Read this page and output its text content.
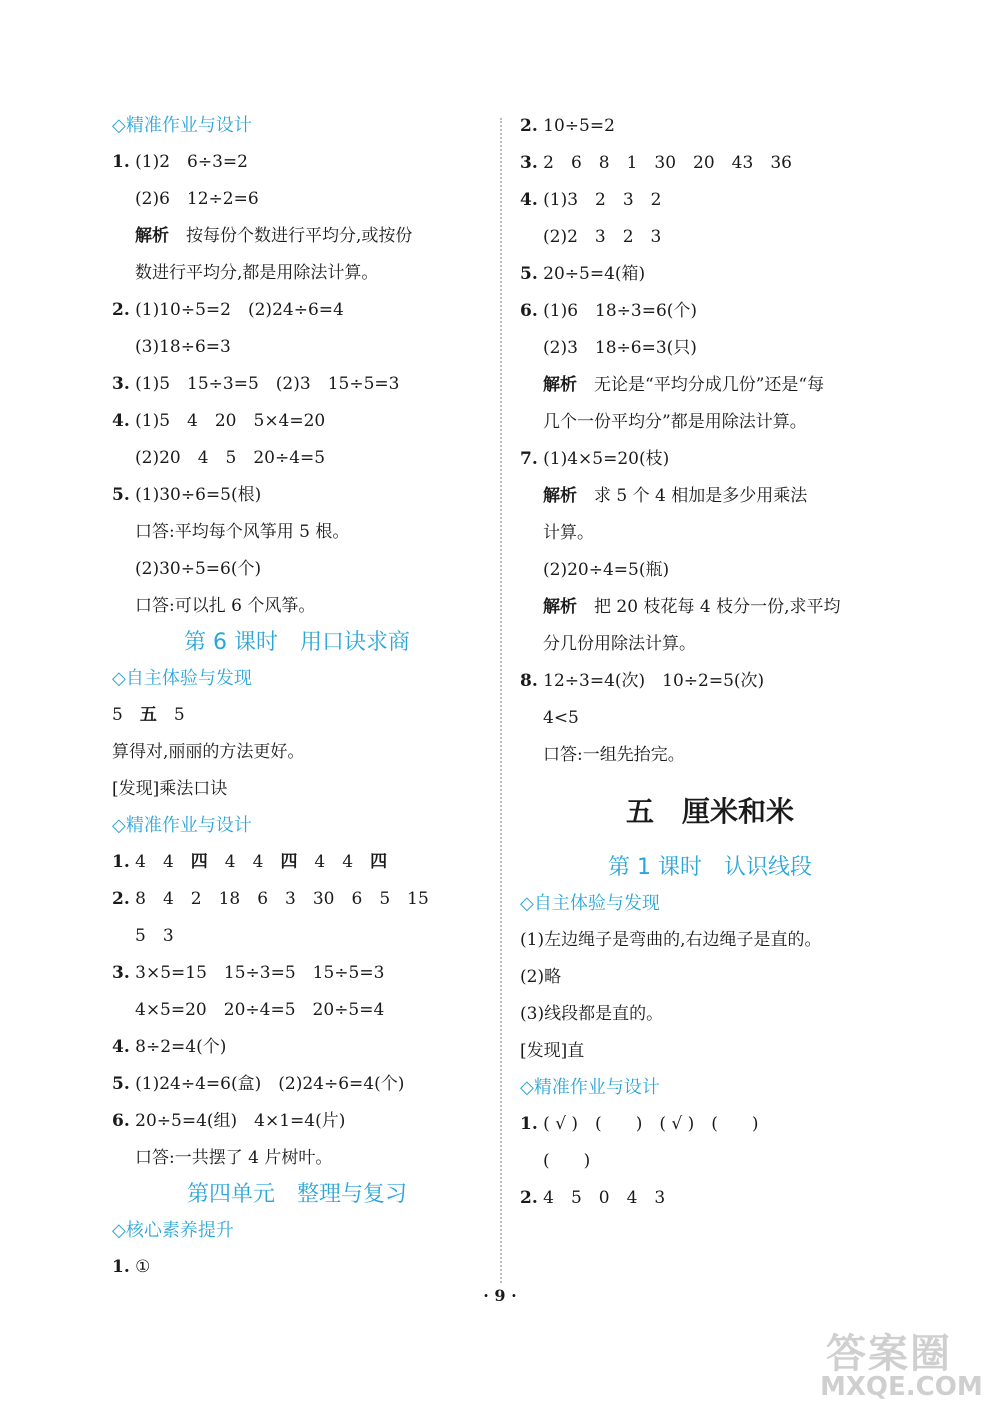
◇精准作业与设计
1. (1)2　6÷3=2
(2)6　12÷2=6
解析　按每份个数进行平均分,或按份
数进行平均分,都是用除法计算。
2. (1)10÷5=2　(2)24÷6=4
(3)18÷6=3
3. (1)5　15÷3=5　(2)3　15÷5=3
4. (1)5　4　20　5×4=20
(2)20　4　5　20÷4=5
5. (1)30÷6=5(根)
口答:平均每个风筝用 5 根。
(2)30÷5=6(个)
口答:可以扎 6 个风筝。
第 6 课时　用口诀求商
◇自主体验与发现
5　五　5
算得对,丽丽的方法更好。
[发现]乘法口诀
◇精准作业与设计
1. 4　4　四　4　4　四　4　4　四
2. 8　4　2　18　6　3　30　6　5　15
5　3
3. 3×5=15　15÷3=5　15÷5=3
4×5=20　20÷4=5　20÷5=4
4. 8÷2=4(个)
5. (1)24÷4=6(盒)　(2)24÷6=4(个)
6. 20÷5=4(组)　4×1=4(片)
口答:一共摆了 4 片树叶。
第四单元　整理与复习
◇核心素养提升
1. ①
2. 10÷5=2
3. 2　6　8　1　30　20　43　36
4. (1)3　2　3　2
(2)2　3　2　3
5. 20÷5=4(箱)
6. (1)6　18÷3=6(个)
(2)3　18÷6=3(只)
解析　无论是“平均分成几份”还是“每
几个一份平均分”都是用除法计算。
7. (1)4×5=20(枝)
解析　求 5 个 4 相加是多少用乘法
计算。
(2)20÷4=5(瓶)
解析　把 20 枝花每 4 枝分一份,求平均
分几份用除法计算。
8. 12÷3=4(次)　10÷2=5(次)
4<5
口答:一组先抬完。
五　厘米和米
第 1 课时　认识线段
◇自主体验与发现
(1)左边绳子是弯曲的,右边绳子是直的。
(2)略
(3)线段都是直的。
[发现]直
◇精准作业与设计
1. ( √ )　(　　)　( √ )　(　　)
(　　)
2. 4　5　0　4　3
· 9 ·
答案圈
MXQE.COM
